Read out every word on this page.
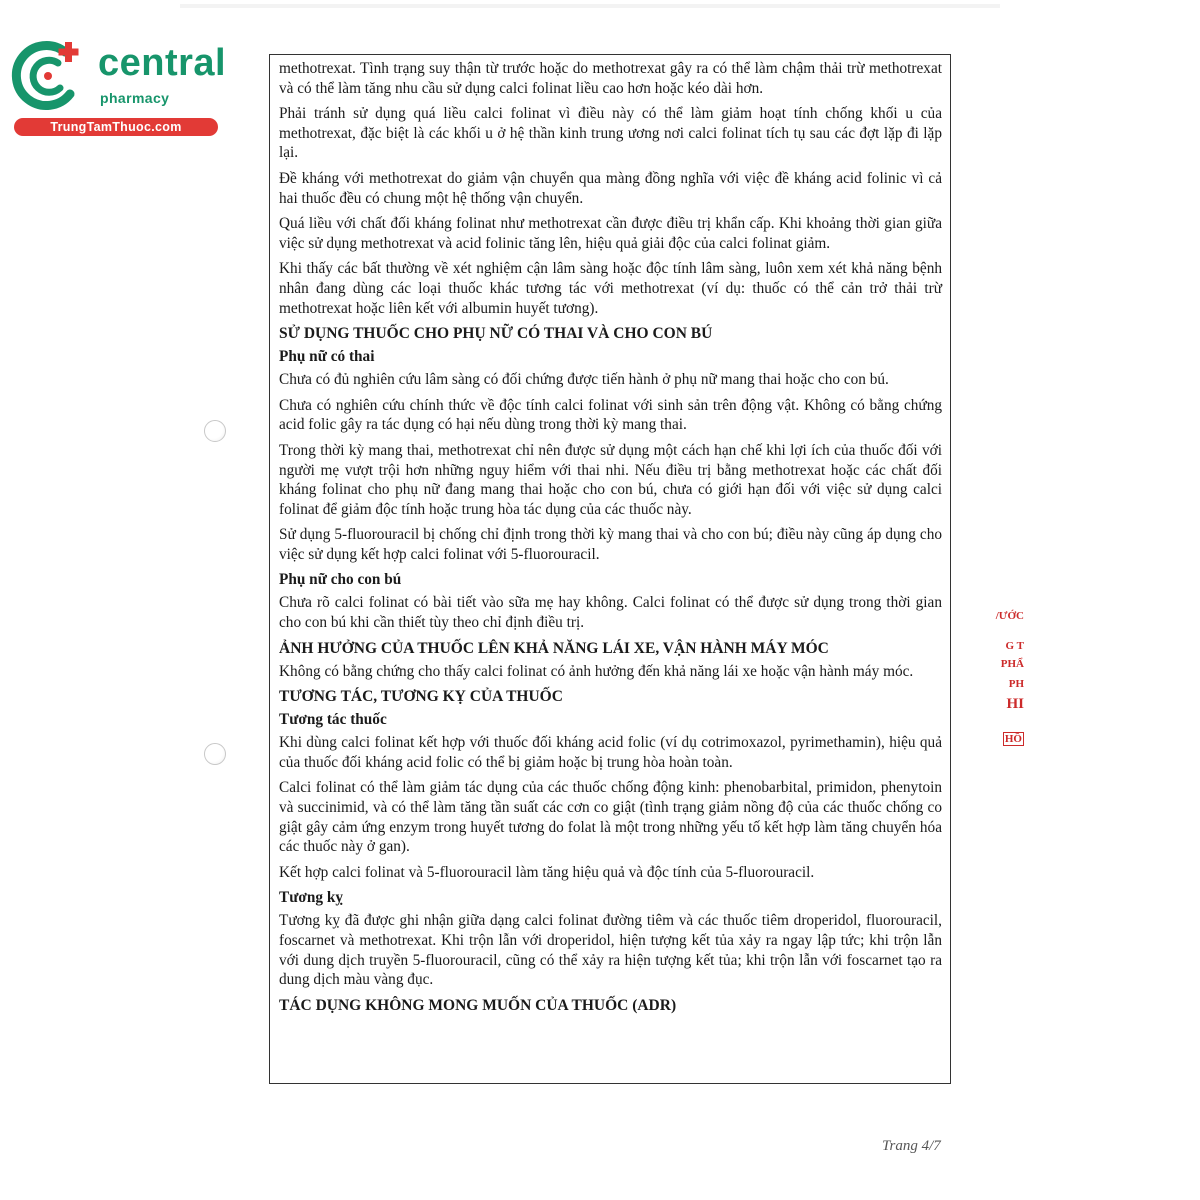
central
pharmacy
TrungTamThuoc.com

methotrexat. Tình trạng suy thận từ trước hoặc do methotrexat gây ra có thể làm chậm thải trừ methotrexat và có thể làm tăng nhu cầu sử dụng calci folinat liều cao hơn hoặc kéo dài hơn.

Phải tránh sử dụng quá liều calci folinat vì điều này có thể làm giảm hoạt tính chống khối u của methotrexat, đặc biệt là các khối u ở hệ thần kinh trung ương nơi calci folinat tích tụ sau các đợt lặp đi lặp lại.

Đề kháng với methotrexat do giảm vận chuyển qua màng đồng nghĩa với việc đề kháng acid folinic vì cả hai thuốc đều có chung một hệ thống vận chuyển.

Quá liều với chất đối kháng folinat như methotrexat cần được điều trị khẩn cấp. Khi khoảng thời gian giữa việc sử dụng methotrexat và acid folinic tăng lên, hiệu quả giải độc của calci folinat giảm.

Khi thấy các bất thường về xét nghiệm cận lâm sàng hoặc độc tính lâm sàng, luôn xem xét khả năng bệnh nhân đang dùng các loại thuốc khác tương tác với methotrexat (ví dụ: thuốc có thể cản trở thải trừ methotrexat hoặc liên kết với albumin huyết tương).

SỬ DỤNG THUỐC CHO PHỤ NỮ CÓ THAI VÀ CHO CON BÚ
Phụ nữ có thai

Chưa có đủ nghiên cứu lâm sàng có đối chứng được tiến hành ở phụ nữ mang thai hoặc cho con bú.

Chưa có nghiên cứu chính thức về độc tính calci folinat với sinh sản trên động vật. Không có bằng chứng acid folic gây ra tác dụng có hại nếu dùng trong thời kỳ mang thai.

Trong thời kỳ mang thai, methotrexat chỉ nên được sử dụng một cách hạn chế khi lợi ích của thuốc đối với người mẹ vượt trội hơn những nguy hiểm với thai nhi. Nếu điều trị bằng methotrexat hoặc các chất đối kháng folinat cho phụ nữ đang mang thai hoặc cho con bú, chưa có giới hạn đối với việc sử dụng calci folinat để giảm độc tính hoặc trung hòa tác dụng của các thuốc này.

Sử dụng 5-fluorouracil bị chống chỉ định trong thời kỳ mang thai và cho con bú; điều này cũng áp dụng cho việc sử dụng kết hợp calci folinat với 5-fluorouracil.

Phụ nữ cho con bú

Chưa rõ calci folinat có bài tiết vào sữa mẹ hay không. Calci folinat có thể được sử dụng trong thời gian cho con bú khi cần thiết tùy theo chỉ định điều trị.

ẢNH HƯỞNG CỦA THUỐC LÊN KHẢ NĂNG LÁI XE, VẬN HÀNH MÁY MÓC

Không có bằng chứng cho thấy calci folinat có ảnh hưởng đến khả năng lái xe hoặc vận hành máy móc.

TƯƠNG TÁC, TƯƠNG KỴ CỦA THUỐC
Tương tác thuốc

Khi dùng calci folinat kết hợp với thuốc đối kháng acid folic (ví dụ cotrimoxazol, pyrimethamin), hiệu quả của thuốc đối kháng acid folic có thể bị giảm hoặc bị trung hòa hoàn toàn.

Calci folinat có thể làm giảm tác dụng của các thuốc chống động kinh: phenobarbital, primidon, phenytoin và succinimid, và có thể làm tăng tần suất các cơn co giật (tình trạng giảm nồng độ của các thuốc chống co giật gây cảm ứng enzym trong huyết tương do folat là một trong những yếu tố kết hợp làm tăng chuyển hóa các thuốc này ở gan).

Kết hợp calci folinat và 5-fluorouracil làm tăng hiệu quả và độc tính của 5-fluorouracil.

Tương kỵ

Tương kỵ đã được ghi nhận giữa dạng calci folinat đường tiêm và các thuốc tiêm droperidol, fluorouracil, foscarnet và methotrexat. Khi trộn lẫn với droperidol, hiện tượng kết tủa xảy ra ngay lập tức; khi trộn lẫn với dung dịch truyền 5-fluorouracil, cũng có thể xảy ra hiện tượng kết tủa; khi trộn lẫn với foscarnet tạo ra dung dịch màu vàng đục.

TÁC DỤNG KHÔNG MONG MUỐN CỦA THUỐC (ADR)
/ƯỚC
G T
PHẨ
PH
HI
HỒ
Trang 4/7
